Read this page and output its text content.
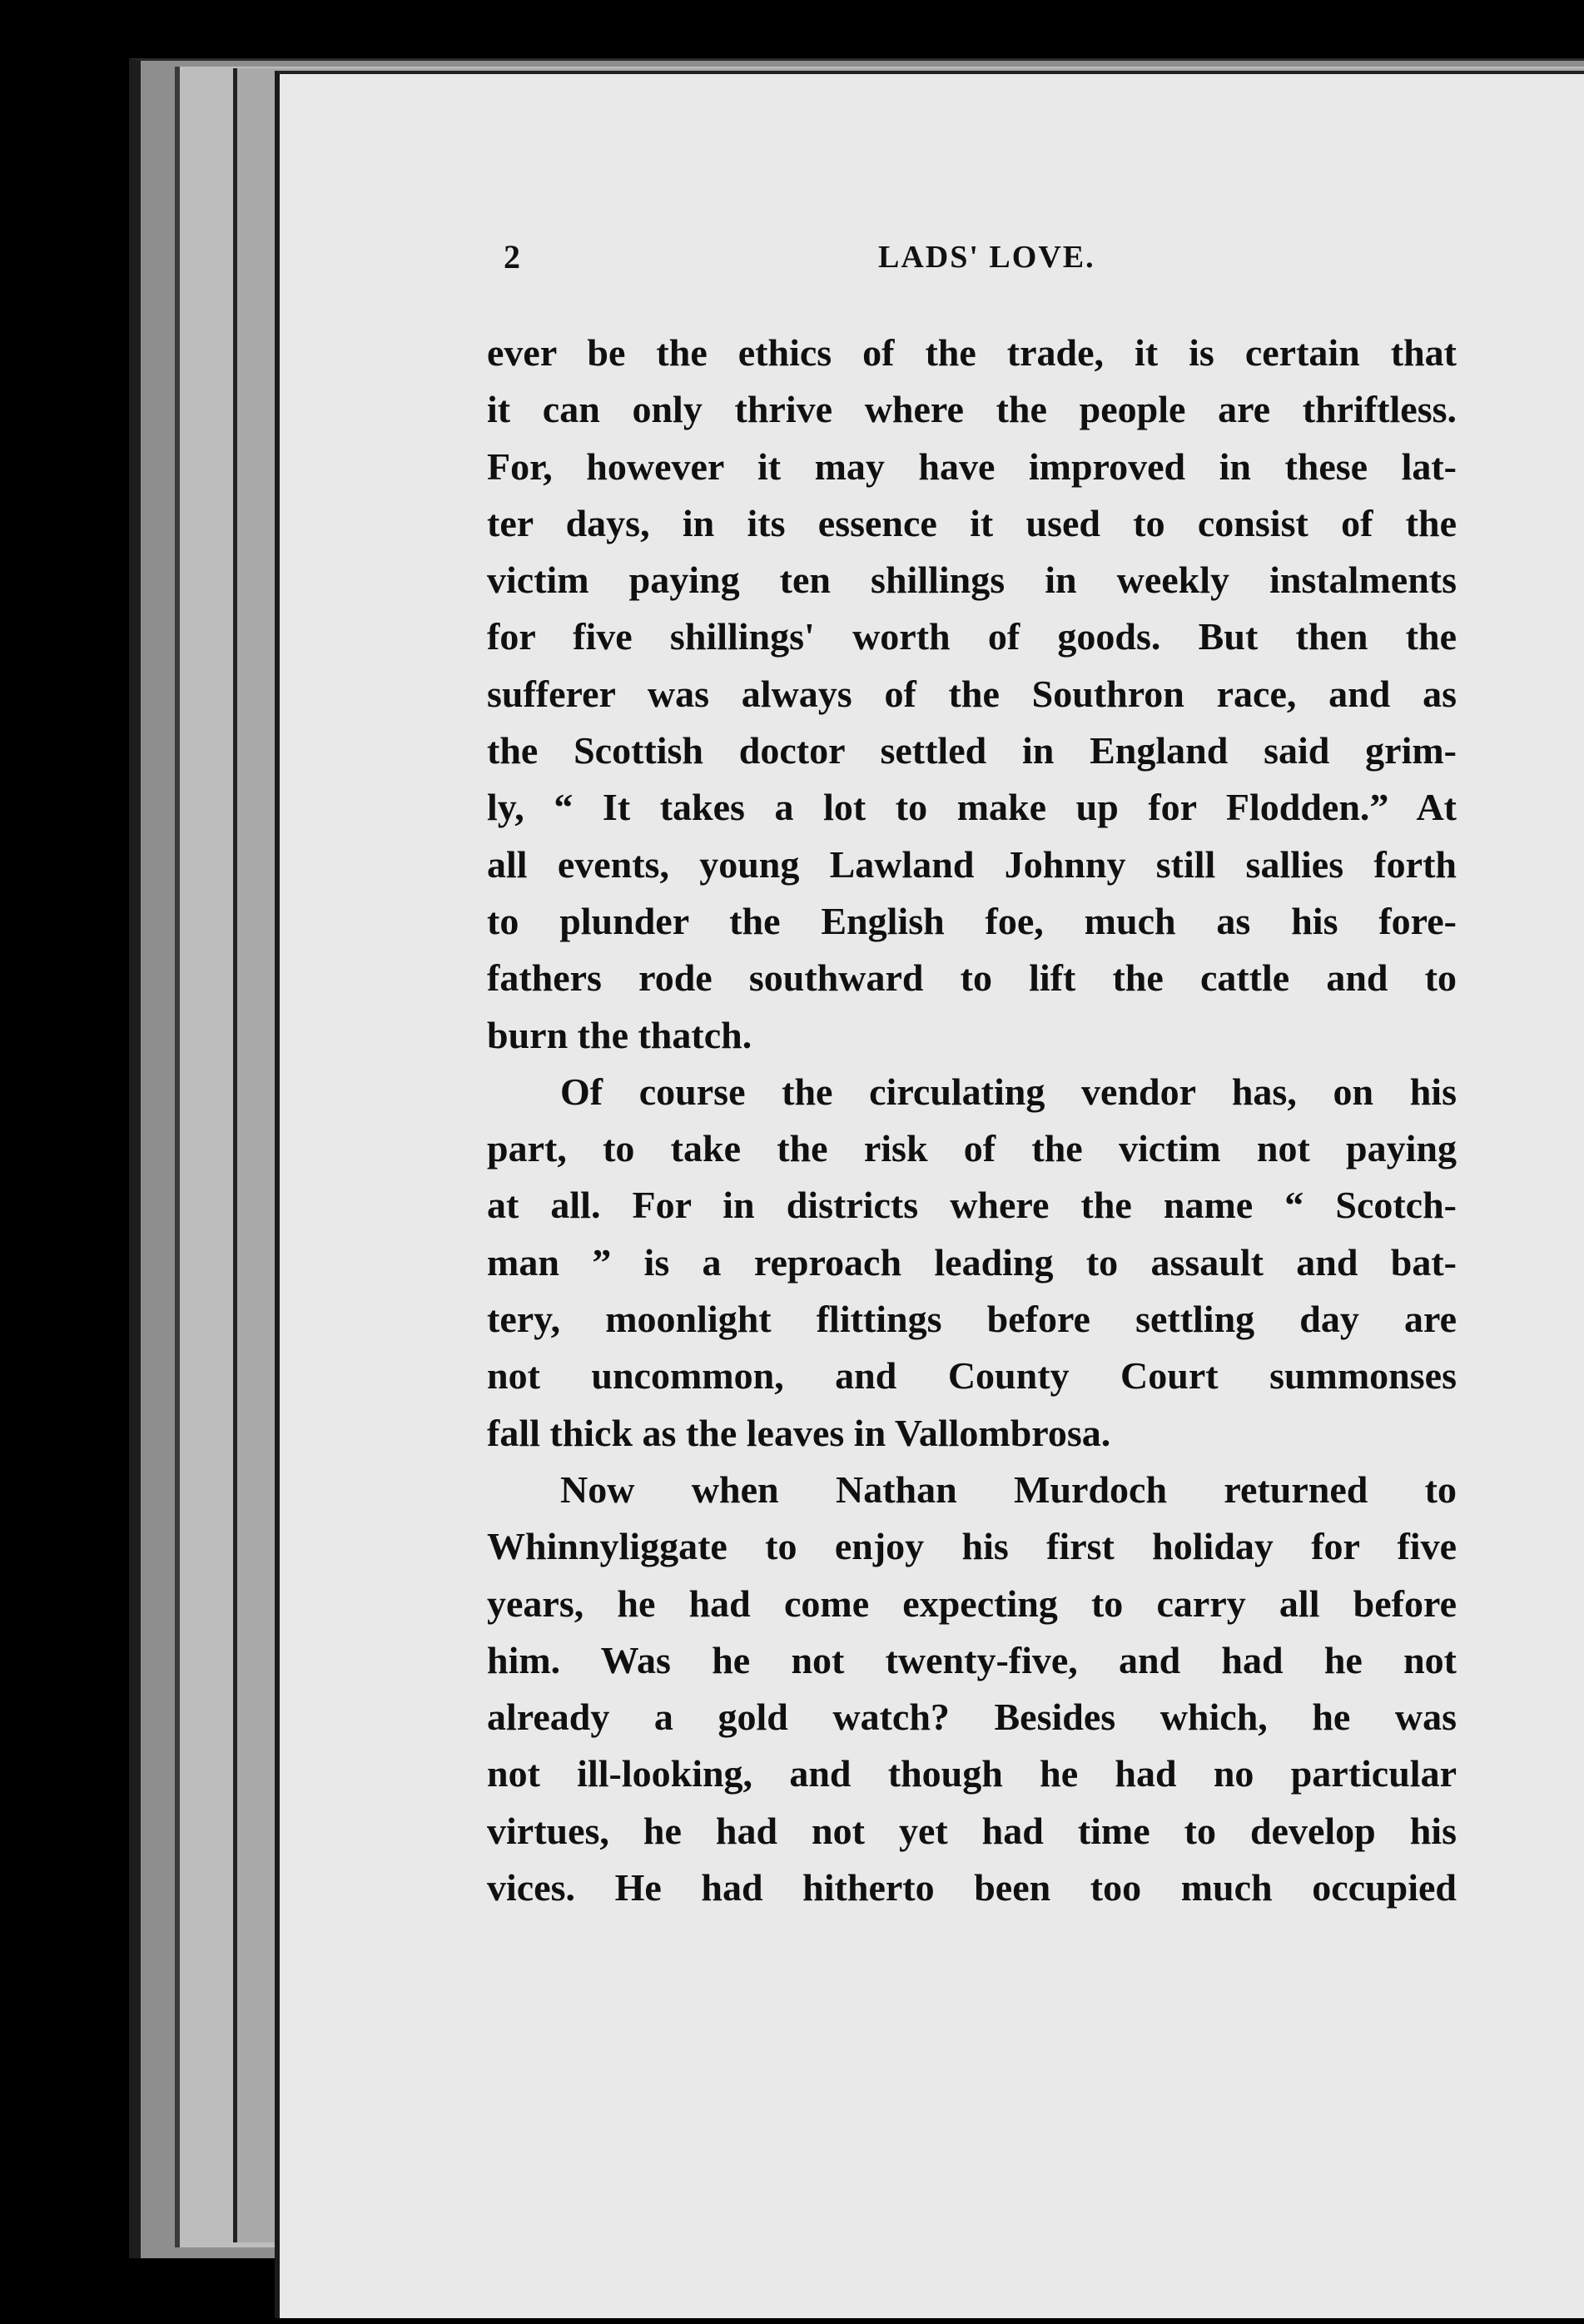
2	LADS' LOVE.

ever be the ethics of the trade, it is certain that

it can only thrive where the people are thriftless.

For, however it may have improved in these lat-

ter days, in its essence it used to consist of the

victim paying ten shillings in weekly instalments

for five shillings' worth of goods. But then the

sufferer was always of the Southron race, and as

the Scottish doctor settled in England said grim-

ly, “ It takes a lot to make up for Flodden.” At

all events, young Lawland Johnny still sallies forth

to plunder the English foe, much as his fore-

fathers rode southward to lift the cattle and to

burn the thatch.

Of course the circulating vendor has, on his

part, to take the risk of the victim not paying

at all. For in districts where the name “ Scotch-

man ” is a reproach leading to assault and bat-

tery, moonlight flittings before settling day are

not uncommon, and County Court summonses

fall thick as the leaves in Vallombrosa.

Now when Nathan Murdoch returned to

Whinnyliggate to enjoy his first holiday for five

years, he had come expecting to carry all before

him. Was he not twenty-five, and had he not

already a gold watch? Besides which, he was

not ill-looking, and though he had no particular

virtues, he had not yet had time to develop his

vices. He had hitherto been too much occupied
